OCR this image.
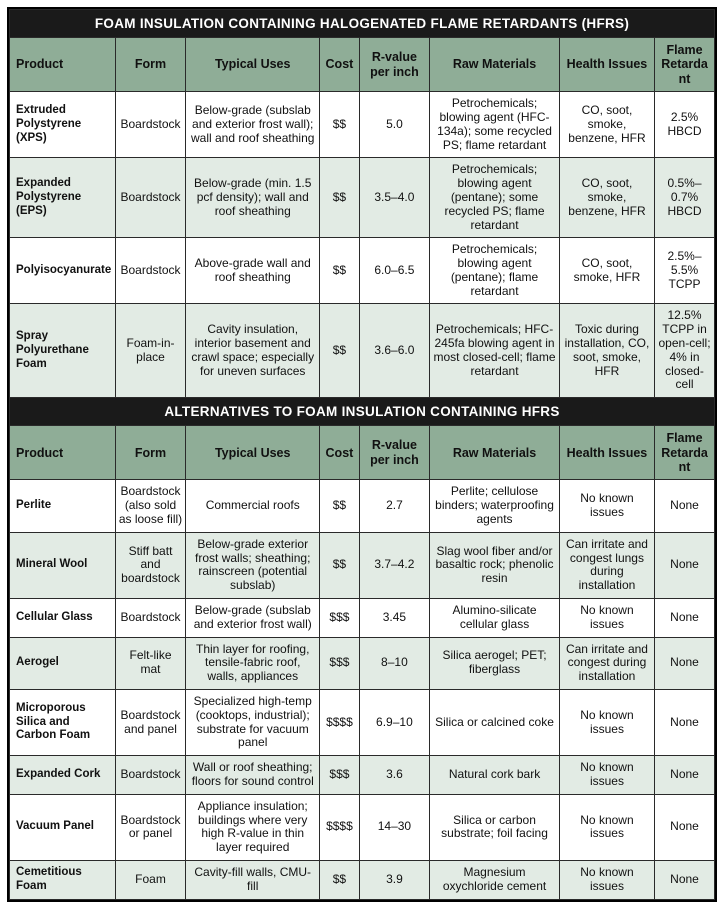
FOAM INSULATION CONTAINING HALOGENATED FLAME RETARDANTS (HFRS)							
Product	Form	Typical Uses	Cost	R-value per inch	Raw Materials	Health Issues	Flame Retardant
Extruded Polystyrene (XPS)	Boardstock	Below-grade (subslab and exterior frost wall); wall and roof sheathing	$$	5.0	Petrochemicals; blowing agent (HFC-134a); some recycled PS; flame retardant	CO, soot, smoke, benzene, HFR	2.5% HBCD
Expanded Polystyrene (EPS)	Boardstock	Below-grade (min. 1.5 pcf density); wall and roof sheathing	$$	3.5–4.0	Petrochemicals; blowing agent (pentane); some recycled PS; flame retardant	CO, soot, smoke, benzene, HFR	0.5%–0.7% HBCD
Polyisocyanurate	Boardstock	Above-grade wall and roof sheathing	$$	6.0–6.5	Petrochemicals; blowing agent (pentane); flame retardant	CO, soot, smoke, HFR	2.5%–5.5% TCPP
Spray Polyurethane Foam	Foam-in-place	Cavity insulation, interior basement and crawl space; especially for uneven surfaces	$$	3.6–6.0	Petrochemicals; HFC-245fa blowing agent in most closed-cell; flame retardant	Toxic during installation, CO, soot, smoke, HFR	12.5% TCPP in open-cell; 4% in closed-cell
ALTERNATIVES TO FOAM INSULATION CONTAINING HFRS							
Product	Form	Typical Uses	Cost	R-value per inch	Raw Materials	Health Issues	Flame Retardant
Perlite	Boardstock (also sold as loose fill)	Commercial roofs	$$	2.7	Perlite; cellulose binders; waterproofing agents	No known issues	None
Mineral Wool	Stiff batt and boardstock	Below-grade exterior frost walls; sheathing; rainscreen (potential subslab)	$$	3.7–4.2	Slag wool fiber and/or basaltic rock; phenolic resin	Can irritate and congest lungs during installation	None
Cellular Glass	Boardstock	Below-grade (subslab and exterior frost wall)	$$$	3.45	Alumino-silicate cellular glass	No known issues	None
Aerogel	Felt-like mat	Thin layer for roofing, tensile-fabric roof, walls, appliances	$$$	8–10	Silica aerogel; PET; fiberglass	Can irritate and congest during installation	None
Microporous Silica and Carbon Foam	Boardstock and panel	Specialized high-temp (cooktops, industrial); substrate for vacuum panel	$$$$	6.9–10	Silica or calcined coke	No known issues	None
Expanded Cork	Boardstock	Wall or roof sheathing; floors for sound control	$$$	3.6	Natural cork bark	No known issues	None
Vacuum Panel	Boardstock or panel	Appliance insulation; buildings where very high R-value in thin layer required	$$$$	14–30	Silica or carbon substrate; foil facing	No known issues	None
Cemetitious Foam	Foam	Cavity-fill walls, CMU-fill	$$	3.9	Magnesium oxychloride cement	No known issues	None
